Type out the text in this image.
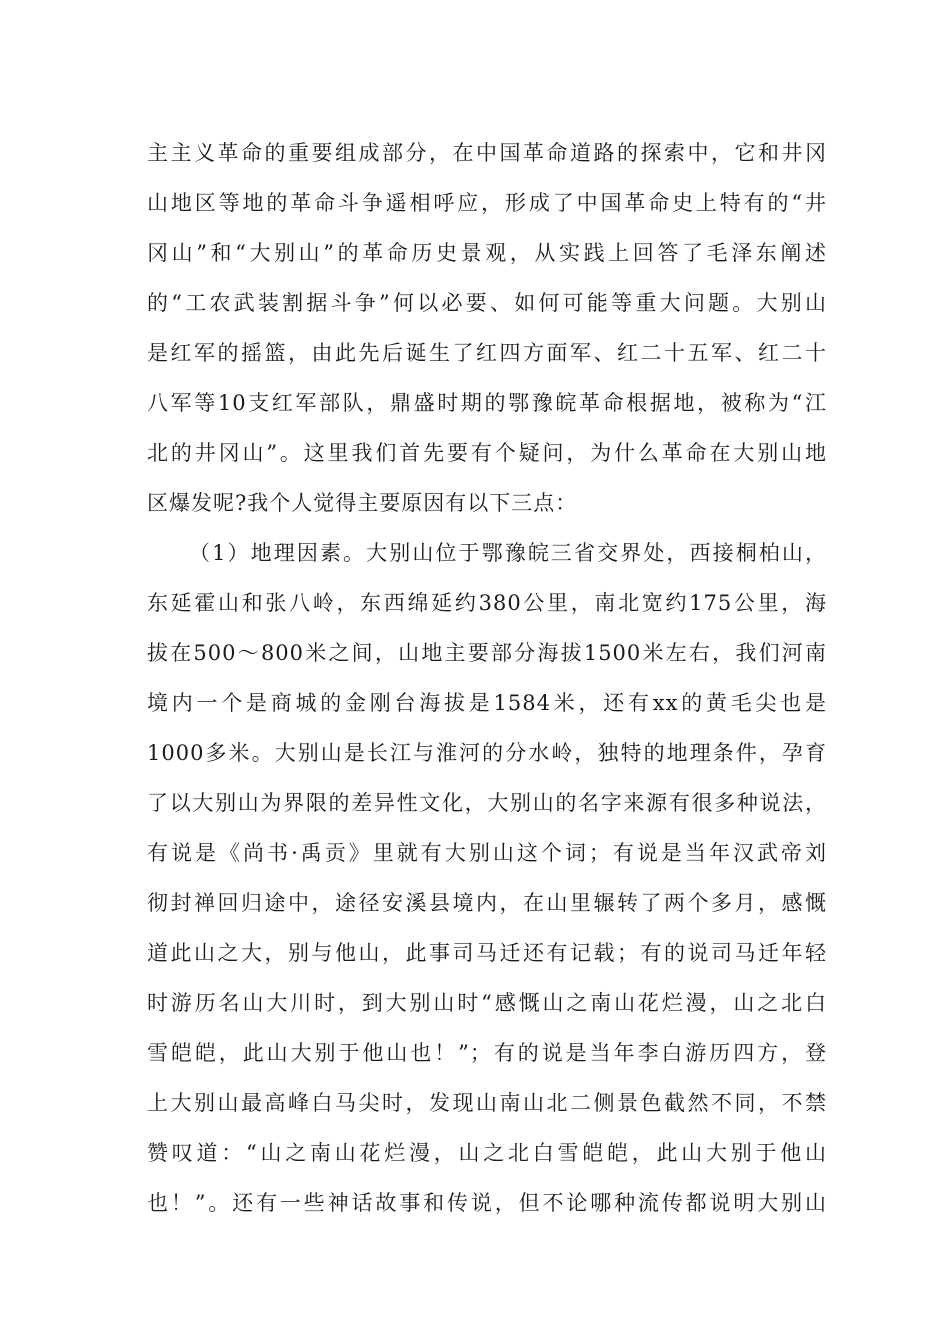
主主义革命的重要组成部分，在中国革命道路的探索中，它和井冈
山地区等地的革命斗争遥相呼应，形成了中国革命史上特有的“井
冈山”和“大别山”的革命历史景观，从实践上回答了毛泽东阐述
的“工农武装割据斗争”何以必要、如何可能等重大问题。大别山
是红军的摇篮，由此先后诞生了红四方面军、红二十五军、红二十
八军等10支红军部队，鼎盛时期的鄂豫皖革命根据地，被称为“江
北的井冈山”。这里我们首先要有个疑问，为什么革命在大别山地
区爆发呢?我个人觉得主要原因有以下三点：
（1）地理因素。大别山位于鄂豫皖三省交界处，西接桐柏山，
东延霍山和张八岭，东西绵延约380公里，南北宽约175公里，海
拔在500～800米之间，山地主要部分海拔1500米左右，我们河南
境内一个是商城的金刚台海拔是1584米，还有xx的黄毛尖也是
1000多米。大别山是长江与淮河的分水岭，独特的地理条件，孕育
了以大别山为界限的差异性文化，大别山的名字来源有很多种说法，
有说是《尚书·禹贡》里就有大别山这个词；有说是当年汉武帝刘
彻封禅回归途中，途径安溪县境内，在山里辗转了两个多月，感慨
道此山之大，别与他山，此事司马迁还有记载；有的说司马迁年轻
时游历名山大川时，到大别山时“感慨山之南山花烂漫，山之北白
雪皑皑，此山大别于他山也！”；有的说是当年李白游历四方，登
上大别山最高峰白马尖时，发现山南山北二侧景色截然不同，不禁
赞叹道：“山之南山花烂漫，山之北白雪皑皑，此山大别于他山
也！”。还有一些神话故事和传说，但不论哪种流传都说明大别山
